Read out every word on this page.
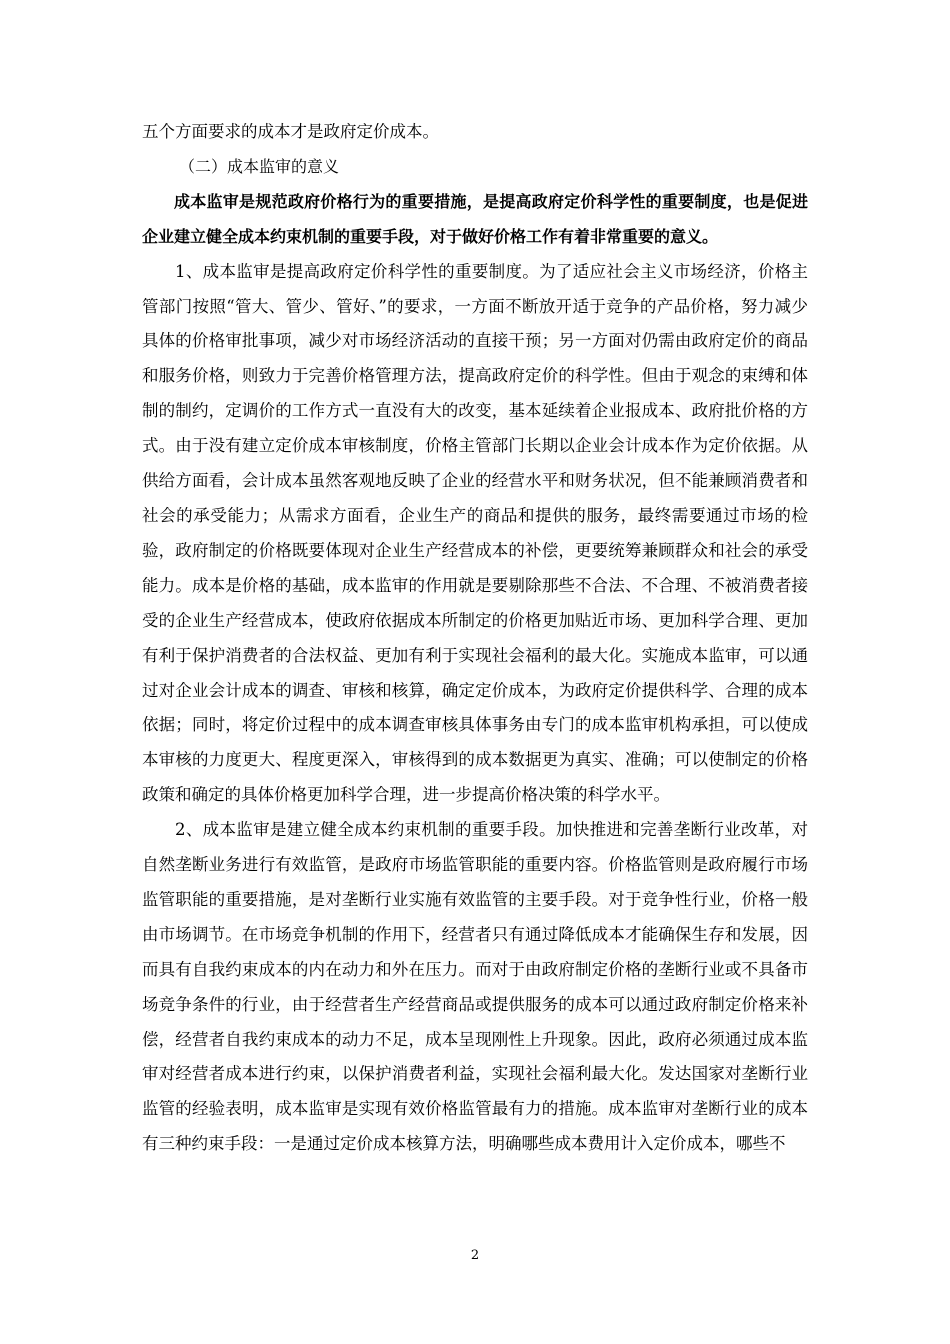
五个方面要求的成本才是政府定价成本。

（二）成本监审的意义

成本监审是规范政府价格行为的重要措施，是提高政府定价科学性的重要制度，也是促进企业建立健全成本约束机制的重要手段，对于做好价格工作有着非常重要的意义。

1、成本监审是提高政府定价科学性的重要制度。为了适应社会主义市场经济，价格主管部门按照“管大、管少、管好、”的要求，一方面不断放开适于竞争的产品价格，努力减少具体的价格审批事项，减少对市场经济活动的直接干预；另一方面对仍需由政府定价的商品和服务价格，则致力于完善价格管理方法，提高政府定价的科学性。但由于观念的束缚和体制的制约，定调价的工作方式一直没有大的改变，基本延续着企业报成本、政府批价格的方式。由于没有建立定价成本审核制度，价格主管部门长期以企业会计成本作为定价依据。从供给方面看，会计成本虽然客观地反映了企业的经营水平和财务状况，但不能兼顾消费者和社会的承受能力；从需求方面看，企业生产的商品和提供的服务，最终需要通过市场的检验，政府制定的价格既要体现对企业生产经营成本的补偿，更要统筹兼顾群众和社会的承受能力。成本是价格的基础，成本监审的作用就是要剔除那些不合法、不合理、不被消费者接受的企业生产经营成本，使政府依据成本所制定的价格更加贴近市场、更加科学合理、更加有利于保护消费者的合法权益、更加有利于实现社会福利的最大化。实施成本监审，可以通过对企业会计成本的调查、审核和核算，确定定价成本，为政府定价提供科学、合理的成本依据；同时，将定价过程中的成本调查审核具体事务由专门的成本监审机构承担，可以使成本审核的力度更大、程度更深入，审核得到的成本数据更为真实、准确；可以使制定的价格政策和确定的具体价格更加科学合理，进一步提高价格决策的科学水平。

2、成本监审是建立健全成本约束机制的重要手段。加快推进和完善垄断行业改革，对自然垄断业务进行有效监管，是政府市场监管职能的重要内容。价格监管则是政府履行市场监管职能的重要措施，是对垄断行业实施有效监管的主要手段。对于竞争性行业，价格一般由市场调节。在市场竞争机制的作用下，经营者只有通过降低成本才能确保生存和发展，因而具有自我约束成本的内在动力和外在压力。而对于由政府制定价格的垄断行业或不具备市场竞争条件的行业，由于经营者生产经营商品或提供服务的成本可以通过政府制定价格来补偿，经营者自我约束成本的动力不足，成本呈现刚性上升现象。因此，政府必须通过成本监审对经营者成本进行约束，以保护消费者利益，实现社会福利最大化。发达国家对垄断行业监管的经验表明，成本监审是实现有效价格监管最有力的措施。成本监审对垄断行业的成本有三种约束手段：一是通过定价成本核算方法，明确哪些成本费用计入定价成本，哪些不

2
